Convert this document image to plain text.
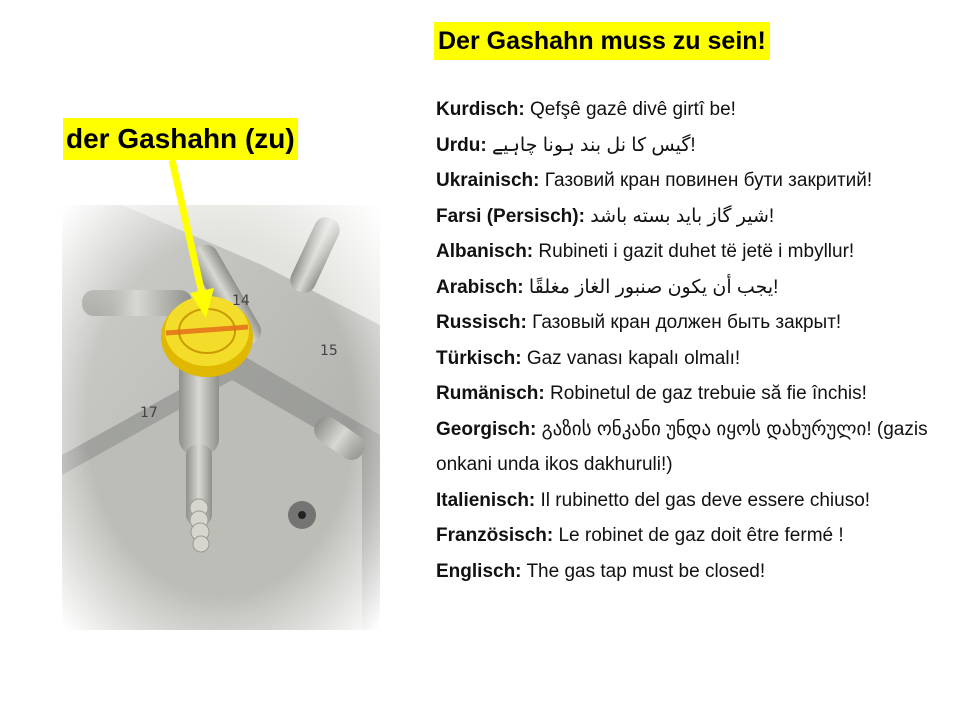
Der Gashahn muss zu sein!
der Gashahn (zu)
Kurdisch: Qefşê gazê divê girtî be!
Urdu: !گیس کا نل بند ہونا چاہیے
Ukrainisch: Газовий кран повинен бути закритий!
Farsi (Persisch): !شیر گاز باید بسته باشد
Albanisch: Rubineti i gazit duhet të jetë i mbyllur!
Arabisch: !يجب أن يكون صنبور الغاز مغلقًا
Russisch: Газовый кран должен быть закрыт!
Türkisch: Gaz vanası kapalı olmalı!
Rumänisch: Robinetul de gaz trebuie să fie închis!
Georgisch: გაზის ონკანი უნდა იყოს დახურული! (gazis onkani unda ikos dakhuruli!)
Italienisch: Il rubinetto del gas deve essere chiuso!
Französisch: Le robinet de gaz doit être fermé !
Englisch: The gas tap must be closed!
